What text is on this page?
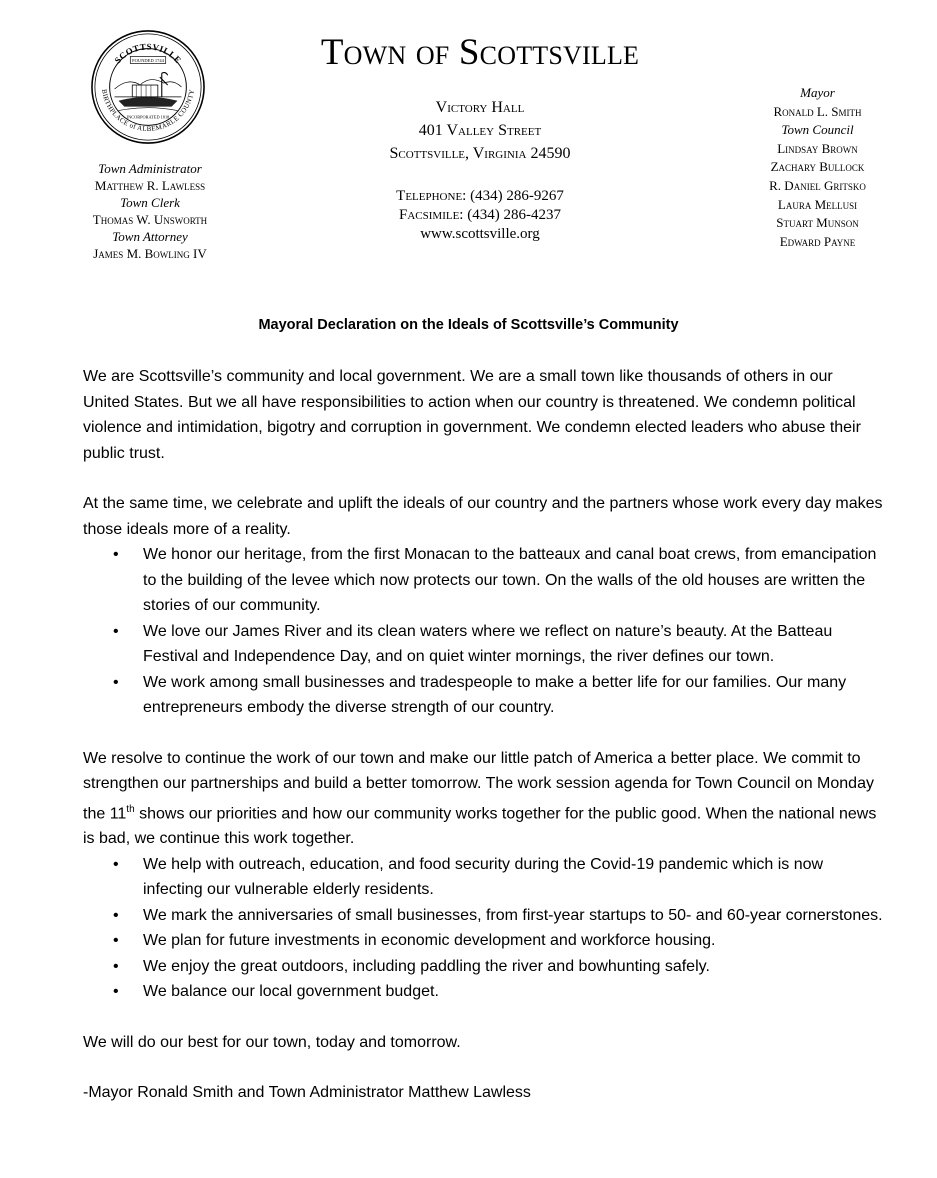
SCOTTSVILLE
BIRTHPLACE of ALBEMARLE COUNTY
FOUNDED 1744
INCORPORATED 1818
Town Administrator
Matthew R. Lawless
Town Clerk
Thomas W. Unsworth
Town Attorney
James M. Bowling IV
Town of Scottsville
Victory Hall
401 Valley Street
Scottsville, Virginia 24590
Telephone: (434) 286-9267
Facsimile: (434) 286-4237
www.scottsville.org
Mayor
Ronald L. Smith
Town Council
Lindsay Brown
Zachary Bullock
R. Daniel Gritsko
Laura Mellusi
Stuart Munson
Edward Payne
Mayoral Declaration on the Ideals of Scottsville’s Community

We are Scottsville’s community and local government. We are a small town like thousands of others in our United States. But we all have responsibilities to action when our country is threatened. We condemn political violence and intimidation, bigotry and corruption in government. We condemn elected leaders who abuse their public trust.

At the same time, we celebrate and uplift the ideals of our country and the partners whose work every day makes those ideals more of a reality.

• We honor our heritage, from the first Monacan to the batteaux and canal boat crews, from emancipation to the building of the levee which now protects our town. On the walls of the old houses are written the stories of our community.
• We love our James River and its clean waters where we reflect on nature’s beauty. At the Batteau Festival and Independence Day, and on quiet winter mornings, the river defines our town.
• We work among small businesses and tradespeople to make a better life for our families. Our many entrepreneurs embody the diverse strength of our country.

We resolve to continue the work of our town and make our little patch of America a better place. We commit to strengthen our partnerships and build a better tomorrow. The work session agenda for Town Council on Monday the 11th shows our priorities and how our community works together for the public good. When the national news is bad, we continue this work together.

• We help with outreach, education, and food security during the Covid-19 pandemic which is now infecting our vulnerable elderly residents.
• We mark the anniversaries of small businesses, from first-year startups to 50- and 60-year cornerstones.
• We plan for future investments in economic development and workforce housing.
• We enjoy the great outdoors, including paddling the river and bowhunting safely.
• We balance our local government budget.

We will do our best for our town, today and tomorrow.

-Mayor Ronald Smith and Town Administrator Matthew Lawless
